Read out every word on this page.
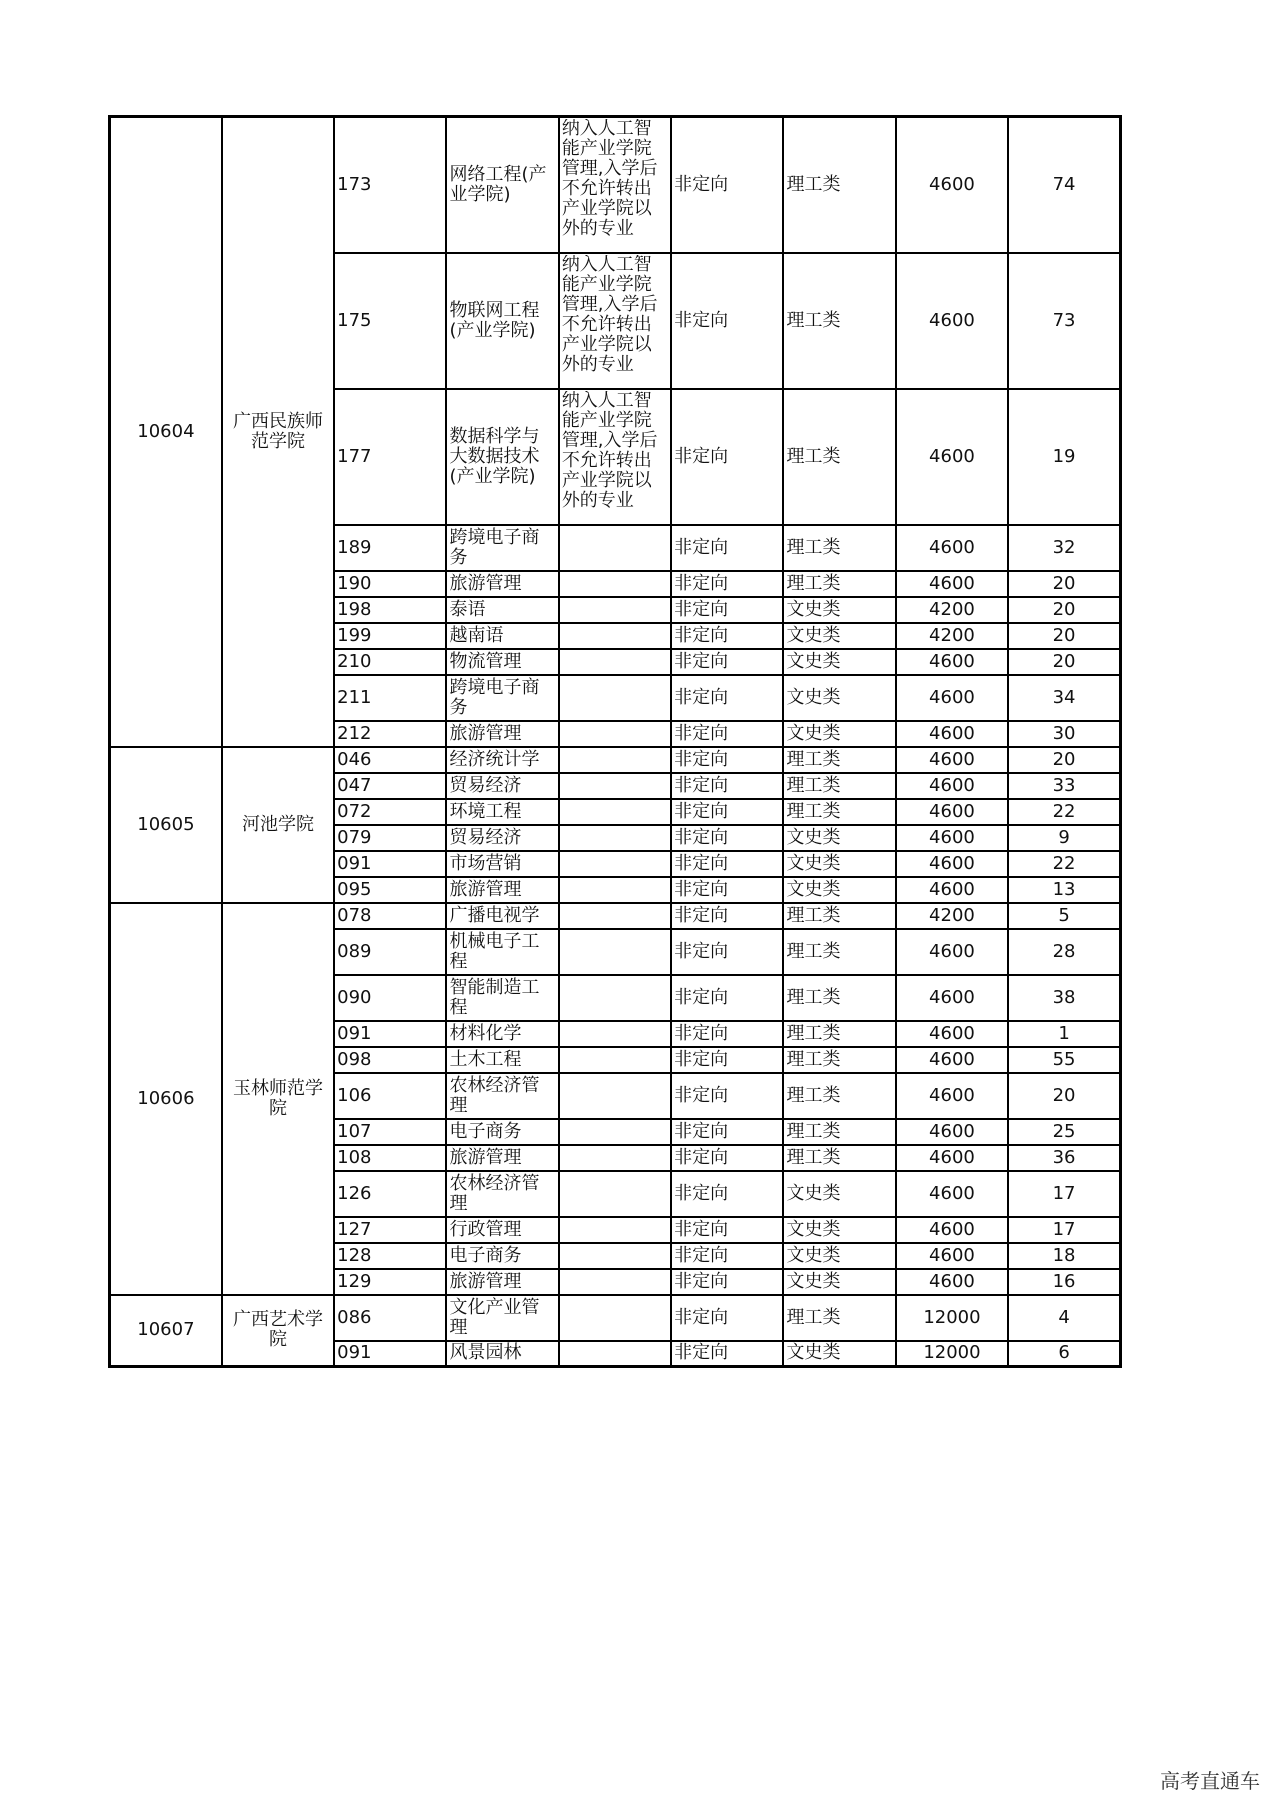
10604	广西民族师范学院	173	网络工程(产业学院)	纳入人工智能产业学院管理,入学后不允许转出产业学院以外的专业	非定向	理工类	4600	74
		175	物联网工程(产业学院)	纳入人工智能产业学院管理,入学后不允许转出产业学院以外的专业	非定向	理工类	4600	73
		177	数据科学与大数据技术(产业学院)	纳入人工智能产业学院管理,入学后不允许转出产业学院以外的专业	非定向	理工类	4600	19
		189	跨境电子商务		非定向	理工类	4600	32
		190	旅游管理		非定向	理工类	4600	20
		198	泰语		非定向	文史类	4200	20
		199	越南语		非定向	文史类	4200	20
		210	物流管理		非定向	文史类	4600	20
		211	跨境电子商务		非定向	文史类	4600	34
		212	旅游管理		非定向	文史类	4600	30
10605	河池学院	046	经济统计学		非定向	理工类	4600	20
		047	贸易经济		非定向	理工类	4600	33
		072	环境工程		非定向	理工类	4600	22
		079	贸易经济		非定向	文史类	4600	9
		091	市场营销		非定向	文史类	4600	22
		095	旅游管理		非定向	文史类	4600	13
10606	玉林师范学院	078	广播电视学		非定向	理工类	4200	5
		089	机械电子工程		非定向	理工类	4600	28
		090	智能制造工程		非定向	理工类	4600	38
		091	材料化学		非定向	理工类	4600	1
		098	土木工程		非定向	理工类	4600	55
		106	农林经济管理		非定向	理工类	4600	20
		107	电子商务		非定向	理工类	4600	25
		108	旅游管理		非定向	理工类	4600	36
		126	农林经济管理		非定向	文史类	4600	17
		127	行政管理		非定向	文史类	4600	17
		128	电子商务		非定向	文史类	4600	18
		129	旅游管理		非定向	文史类	4600	16
10607	广西艺术学院	086	文化产业管理		非定向	理工类	12000	4
		091	风景园林		非定向	文史类	12000	6
高考直通车
